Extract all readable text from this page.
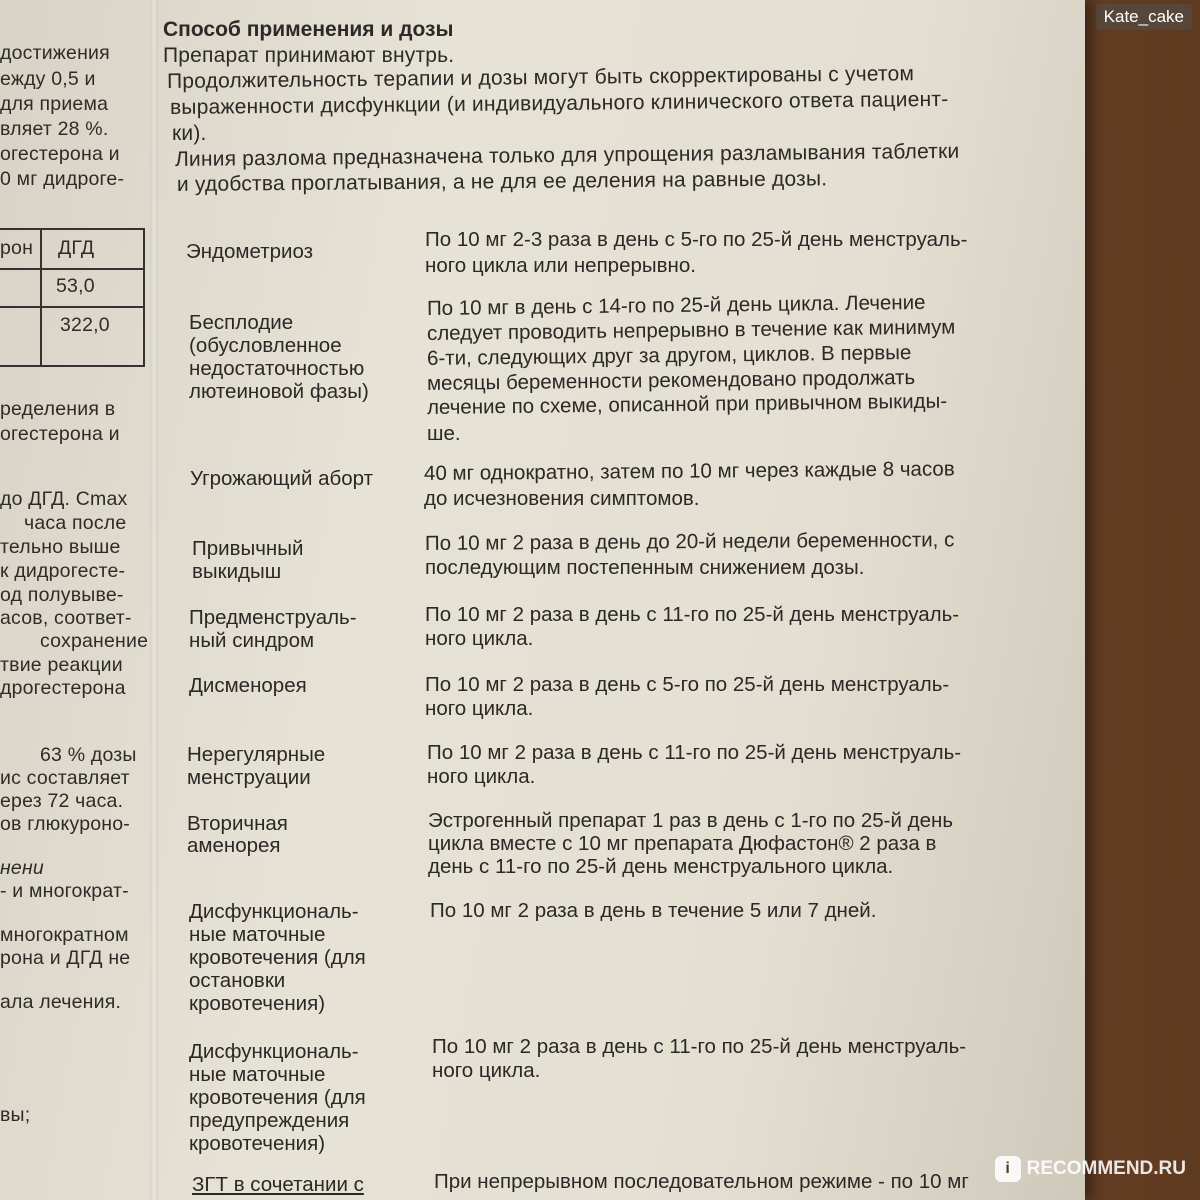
достижения
ежду 0,5 и
для приема
вляет 28 %.
огестерона и
0 мг дидроге-
рон ДГД
53,0
322,0
ределения в
огестерона и
до ДГД. Сmax
часа после
тельно выше
к дидрогесте-
од полувыве-
асов, соответ-
сохранение
твие реакции
дрогестерона
63 % дозы
ис составляет
ерез 72 часа.
ов глюкуроно-
нени
- и многократ-
многократном
рона и ДГД не
ала лечения.
вы;
Способ применения и дозы
Препарат принимают внутрь.
Продолжительность терапии и дозы могут быть скорректированы с учетом
выраженности дисфункции (и индивидуального клинического ответа пациент-
ки).
Линия разлома предназначена только для упрощения разламывания таблетки
и удобства проглатывания, а не для ее деления на равные дозы.
Эндометриоз
По 10 мг 2-3 раза в день с 5-го по 25-й день менструаль-
ного цикла или непрерывно.
Бесплодие
(обусловленное
недостаточностью
лютеиновой фазы)
По 10 мг в день с 14-го по 25-й день цикла. Лечение
следует проводить непрерывно в течение как минимум
6-ти, следующих друг за другом, циклов. В первые
месяцы беременности рекомендовано продолжать
лечение по схеме, описанной при привычном выкиды-
ше.
Угрожающий аборт 40 мг однократно, затем по 10 мг через каждые 8 часов
до исчезновения симптомов.
Привычный
выкидыш
По 10 мг 2 раза в день до 20-й недели беременности, с
последующим постепенным снижением дозы.
Предменструаль-
ный синдром
По 10 мг 2 раза в день с 11-го по 25-й день менструаль-
ного цикла.
Дисменорея	По 10 мг 2 раза в день с 5-го по 25-й день менструаль-
ного цикла.
Нерегулярные
менструации
По 10 мг 2 раза в день с 11-го по 25-й день менструаль-
ного цикла.
Вторичная
аменорея
Эстрогенный препарат 1 раз в день с 1-го по 25-й день
цикла вместе с 10 мг препарата Дюфастон® 2 раза в
день с 11-го по 25-й день менструального цикла.
Дисфункциональ-
ные маточные
кровотечения (для
остановки
кровотечения)
По 10 мг 2 раза в день в течение 5 или 7 дней.
Дисфункциональ-
ные маточные
кровотечения (для
предупреждения
кровотечения)
По 10 мг 2 раза в день с 11-го по 25-й день менструаль-
ного цикла.
ЗГТ в сочетании с	При непрерывном последовательном режиме - по 10 мг
Kate_cake
i RECOMMEND.RU
